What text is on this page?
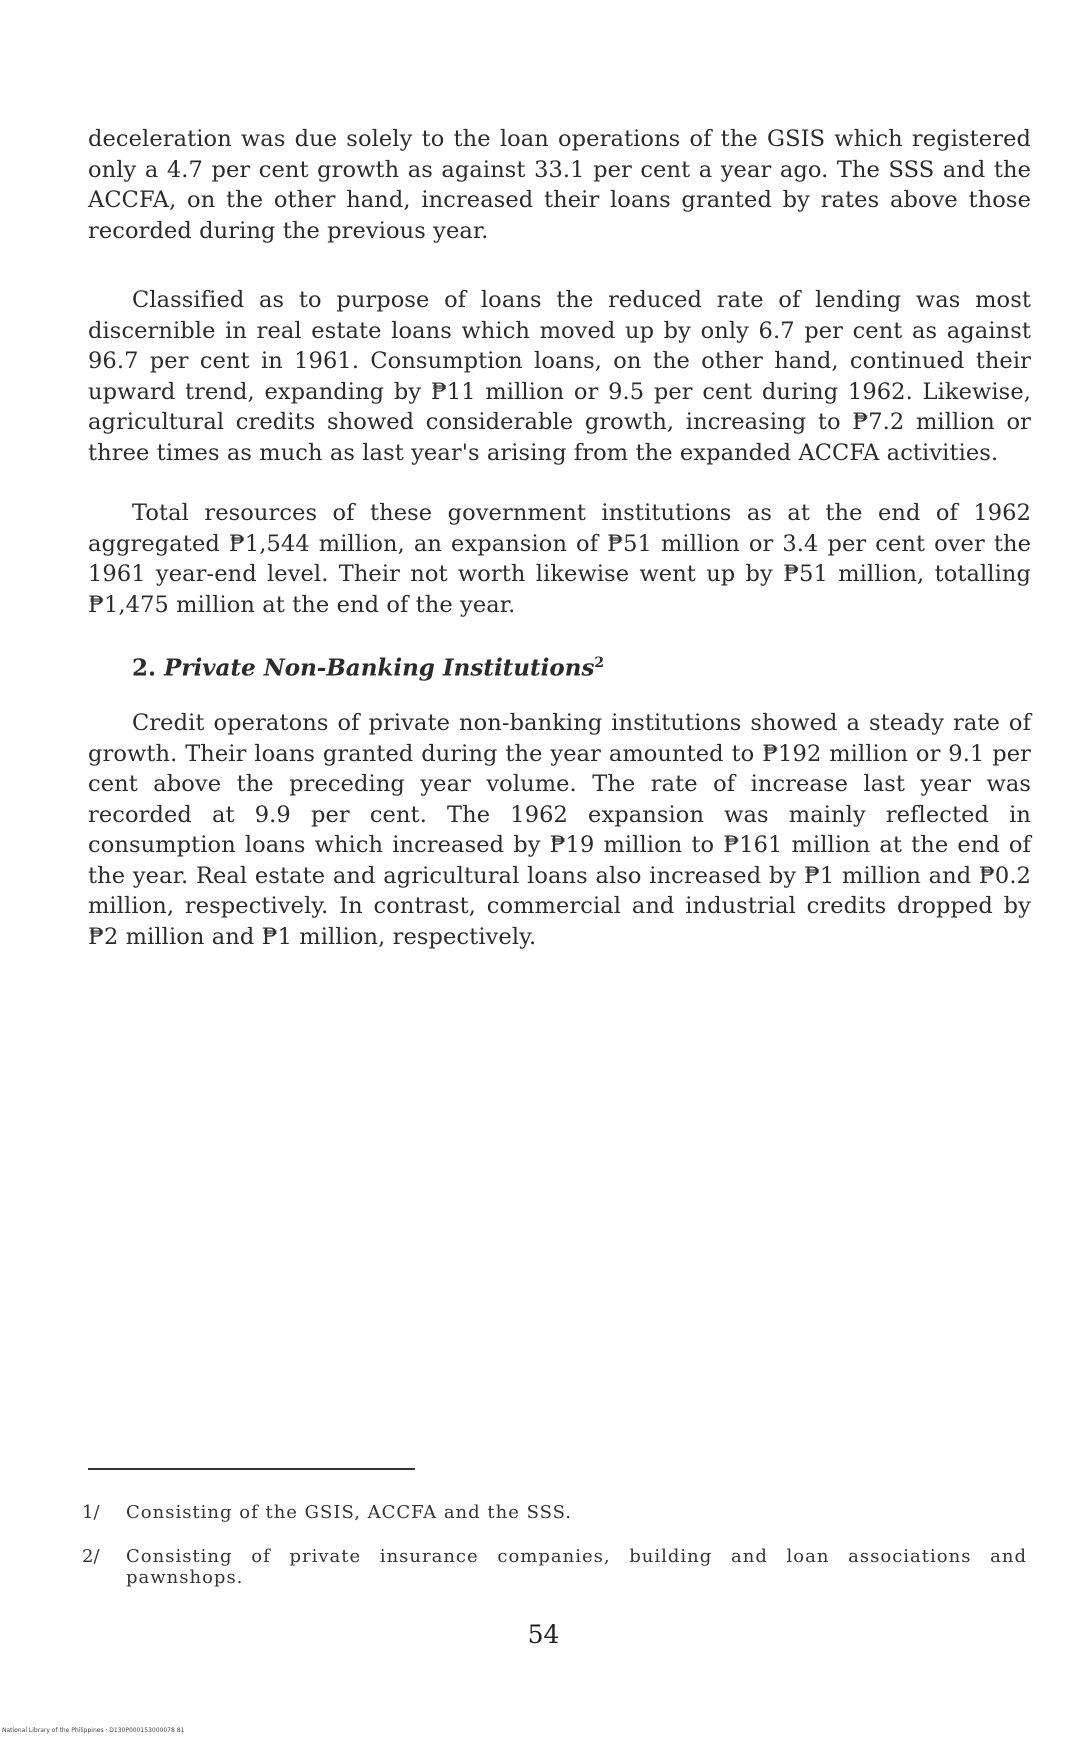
deceleration was due solely to the loan operations of the GSIS which registered only a 4.7 per cent growth as against 33.1 per cent a year ago. The SSS and the ACCFA, on the other hand, increased their loans granted by rates above those recorded during the previous year.

Classified as to purpose of loans the reduced rate of lending was most discernible in real estate loans which moved up by only 6.7 per cent as against 96.7 per cent in 1961. Consumption loans, on the other hand, continued their upward trend, expanding by ₱11 million or 9.5 per cent during 1962. Likewise, agricultural credits showed considerable growth, increasing to ₱7.2 million or three times as much as last year's arising from the expanded ACCFA activities.

Total resources of these government institutions as at the end of 1962 aggregated ₱1,544 million, an expansion of ₱51 million or 3.4 per cent over the 1961 year-end level. Their not worth likewise went up by ₱51 million, totalling ₱1,475 million at the end of the year.

2. Private Non-Banking Institutions$^2$

Credit operatons of private non-banking institutions showed a steady rate of growth. Their loans granted during the year amounted to ₱192 million or 9.1 per cent above the preceding year volume. The rate of increase last year was recorded at 9.9 per cent. The 1962 expansion was mainly reflected in consumption loans which increased by ₱19 million to ₱161 million at the end of the year. Real estate and agricultural loans also increased by ₱1 million and ₱0.2 million, respectively. In contrast, commercial and industrial credits dropped by ₱2 million and ₱1 million, respectively.

1/	Consisting of the GSIS, ACCFA and the SSS.
2/	Consisting of private insurance companies, building and loan associations and pawnshops.
54
National Library of the Philippines · D130P000153000078 81
